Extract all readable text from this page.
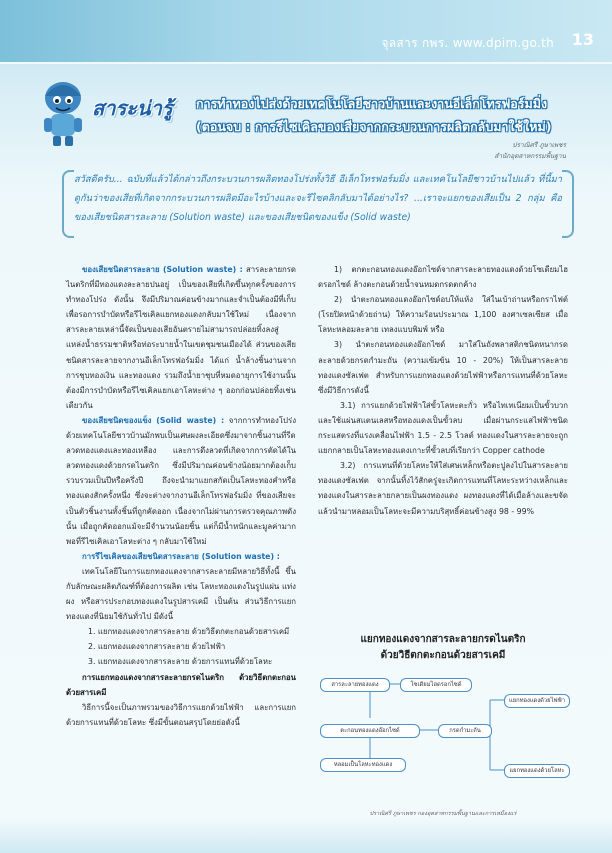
จุลสาร กพร. www.dpim.go.th 13
สาระน่ารู้ การทำทองไปส่งด้วยเทคโนโลยีชาวบ้านและงานอีเล็กโทรฟอร์มมิ่ง
(ตอนจบ : การรีไซเคิลของเสียจากกระบวนการผลิตกลับมาใช้ใหม่)
ปราณิศรี ภูษาเพชร
สำนักอุตสาหกรรมพื้นฐาน

สวัสดีครับ... ฉบับที่แล้วได้กล่าวถึงกระบวนการผลิตทองโปร่งทั้งวิธี อีเล็กโทรฟอร์มมิ่ง และเทคโนโลยีชาวบ้านไปแล้ว ที่นี้มาดูกันว่าของเสียที่เกิดจากกระบวนการผลิตมีอะไรบ้างและจะรีไซคลิกลับมาได้อย่างไร? ...เราจะแยกของเสียเป็น 2 กลุ่ม คือ ของเสียชนิดสารละลาย (Solution waste) และของเสียชนิดของแข็ง (Solid waste)

ของเสียชนิดสารละลาย (Solution waste) : สารละลายกรดไนตริกที่มีทองแดงละลายปนอยู่ เป็นของเสียที่เกิดขึ้นทุกครั้งของการทำทองโปร่ง ดังนั้น จึงมีปริมาณค่อนข้างมากและจำเป็นต้องมีที่เก็บเพื่อรอการบำบัดหรือรีไซเคิลแยกทองแดงกลับมาใช้ใหม่ เนื่องจากสารละลายเหล่านี้จัดเป็นของเสียอันตรายไม่สามารถปล่อยทิ้งลงสู่แหล่งน้ำธรรมชาติหรือท่อระบายน้ำในเขตชุมชนเมืองได้ ส่วนของเสียชนิดสารละลายจากงานอีเล็กโทรฟอร์มมิ่ง ได้แก่ น้ำล้างชิ้นงานจากการชุบทองเงิน และทองแดง รวมถึงน้ำยาชุบที่หมดอายุการใช้งานนั้น ต้องมีการบำบัดหรือรีไซเคิลแยกเอาโลหะต่าง ๆ ออกก่อนปล่อยทิ้งเช่นเดียวกัน

ของเสียชนิดของแข็ง (Solid waste) : จากการทำทองโปร่งด้วยเทคโนโลยีชาวบ้านมักพบเป็นเศษผงละเอียดซึ่งมาจากชิ้นงานที่รีดลวดทองแดงและทองเหลือง และการดึงลวดที่เกิดจากการตัดได้ในลวดทองแดงด้วยกรดไนตริก ซึ่งมีปริมาณค่อนข้างน้อยมากต้องเก็บรวบรวมเป็นปีหรือครึ่งปี ถึงจะนำมาแยกสกัดเป็นโลหะทองคำหรือทองแดงสักครั้งหนึ่ง ซึ่งจะต่างจากงานอีเล็กโทรฟอร์มมิ่ง ที่ของเสียจะเป็นตัวชิ้นงานทั้งชิ้นที่ถูกคัดออก เนื่องจากไม่ผ่านการตรวจคุณภาพดังนั้น เมื่อถูกคัดออกแม้จะมีจำนวนน้อยชิ้น แต่ก็มีน้ำหนักและมูลค่ามากพอที่รีไซเคิลเอาโลหะต่าง ๆ กลับมาใช้ใหม่

การรีไซเคิลของเสียชนิดสารละลาย (Solution waste) :

เทคโนโลยีในการแยกทองแดงจากสารละลายมีหลายวิธีทั้งนี้ ขึ้นกับลักษณะผลิตภัณฑ์ที่ต้องการผลิต เช่น โลหะทองแดงในรูปแผ่น แท่ง ผง หรือสารประกอบทองแดงในรูปสารเคมี เป็นต้น ส่วนวิธีการแยกทองแดงที่นิยมใช้กันทั่วไป มีดังนี้

1. แยกทองแดงจากสารละลาย ด้วยวิธีตกตะกอนด้วยสารเคมี

2. แยกทองแดงจากสารละลาย ด้วยไฟฟ้า

3. แยกทองแดงจากสารละลาย ด้วยการแทนที่ด้วยโลหะ

การแยกทองแดงจากสารละลายกรดไนตริก ด้วยวิธีตกตะกอนด้วยสารเคมี

วิธีการนี้จะเป็นภาพรวมของวิธีการแยกด้วยไฟฟ้า และการแยกด้วยการแทนที่ด้วยโลหะ ซึ่งมีขั้นตอนสรุปโดยย่อดังนี้

1) ตกตะกอนทองแดงอ๊อกไซด์จากสารละลายทองแดงด้วยโซเดียมไฮดรอกไซด์ ล้างตะกอนด้วยน้ำจนหมดกรดตกค้าง

2) นำตะกอนทองแดงอ๊อกไซด์อบให้แห้ง ใส่ในเบ้าถ่านหรือกราไฟต์ (โรยปิดหน้าด้วยถ่าน) ให้ความร้อนประมาณ 1,100 องศาเซลเซียส เมื่อโลหะหลอมละลาย เทลงแบบพิมพ์ หรือ

3) นำตะกอนทองแดงอ๊อกไซด์ มาใส่ในถังพลาสติกชนิดหนากรด ละลายด้วยกรดกำมะถัน (ความเข้มข้น 10 - 20%) ให้เป็นสารละลายทองแดงซัลเฟต สำหรับการแยกทองแดงด้วยไฟฟ้าหรือการแทนที่ด้วยโลหะ ซึ่งมีวิธีการดังนี้

3.1) การแยกด้วยไฟฟ้าใส่ขั้วโลหะตะกั่ว หรือไทเทเนียมเป็นขั้วบวก และใช้แผ่นสแตนเลสหรือทองแดงเป็นขั้วลบ เมื่อผ่านกระแสไฟฟ้าชนิดกระแสตรงที่แรงเคลื่อนไฟฟ้า 1.5 - 2.5 โวลต์ ทองแดงในสารละลายจะถูกแยกกลายเป็นโลหะทองแดงเกาะที่ขั้วลบที่เรียกว่า Copper cathode

3.2) การแทนที่ด้วยโลหะให้ใส่เศษเหล็กหรือตะปูลงไปในสารละลายทองแดงซัลเฟต จากนั้นทิ้งไว้สักครู่จะเกิดการแทนที่โลหะระหว่างเหล็กและทองแดงในสารละลายกลายเป็นผงทองแดง ผงทองแดงที่ได้เมื่อล้างและขจัดแล้วนำมาหลอมเป็นโลหะจะมีความบริสุทธิ์ค่อนข้างสูง 98 - 99%

แยกทองแดงจากสารละลายกรดไนตริก
ด้วยวิธีตกตะกอนด้วยสารเคมี
สารละลายทองแดง	โซเดียมไฮดรอกไซด์
ตะกอนทองแดงอ๊อกไซด์	กรดกำมะถัน
หลอมเป็นโลหะทองแดง
แยกทองแดงด้วยไฟฟ้า
แยกทองแดงด้วยโลหะ
ปราณิศรี ภูษาเพชร กองอุตสาหกรรมพื้นฐานและการเหมืองแร่
